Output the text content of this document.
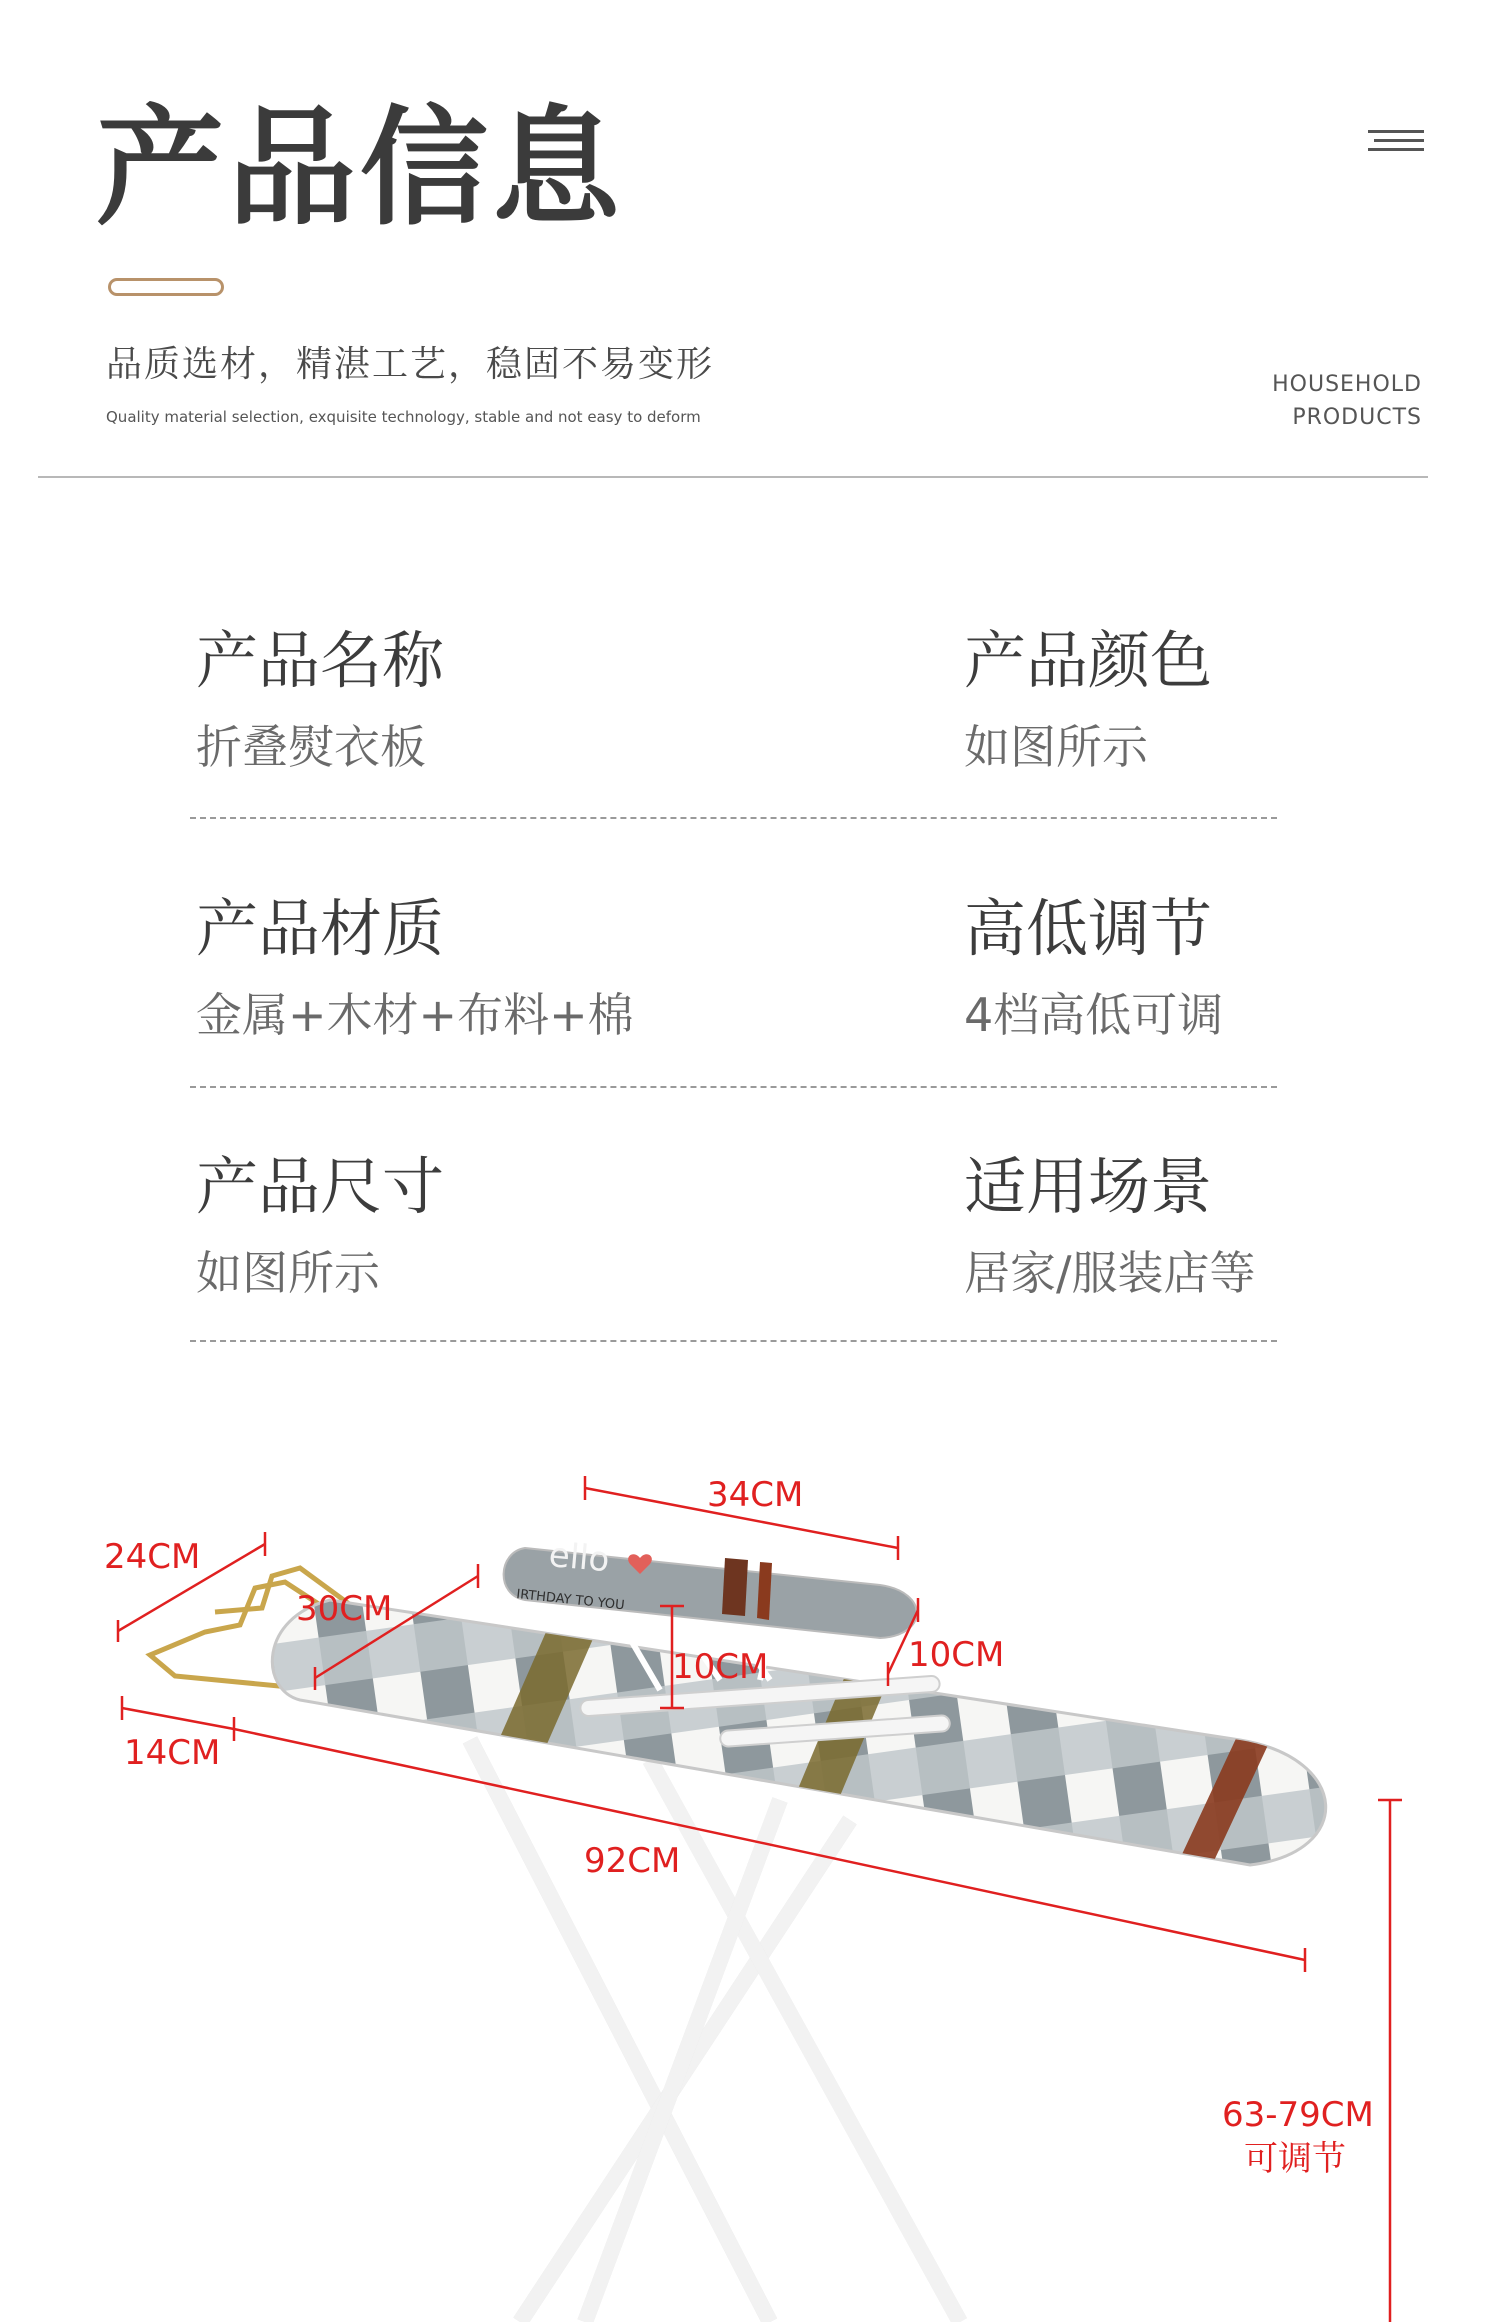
产品信息
品质选材，精湛工艺，稳固不易变形
Quality material selection, exquisite technology, stable and not easy to deform
HOUSEHOLD
PRODUCTS
产品名称
折叠熨衣板
产品颜色
如图所示
产品材质
金属+木材+布料+棉
高低调节
4档高低可调
产品尺寸
如图所示
适用场景
居家/服装店等
ello
IRTHDAY TO YOU
34CM
24CM
30CM
10CM	10CM
14CM
92CM
63-79CM
可调节
